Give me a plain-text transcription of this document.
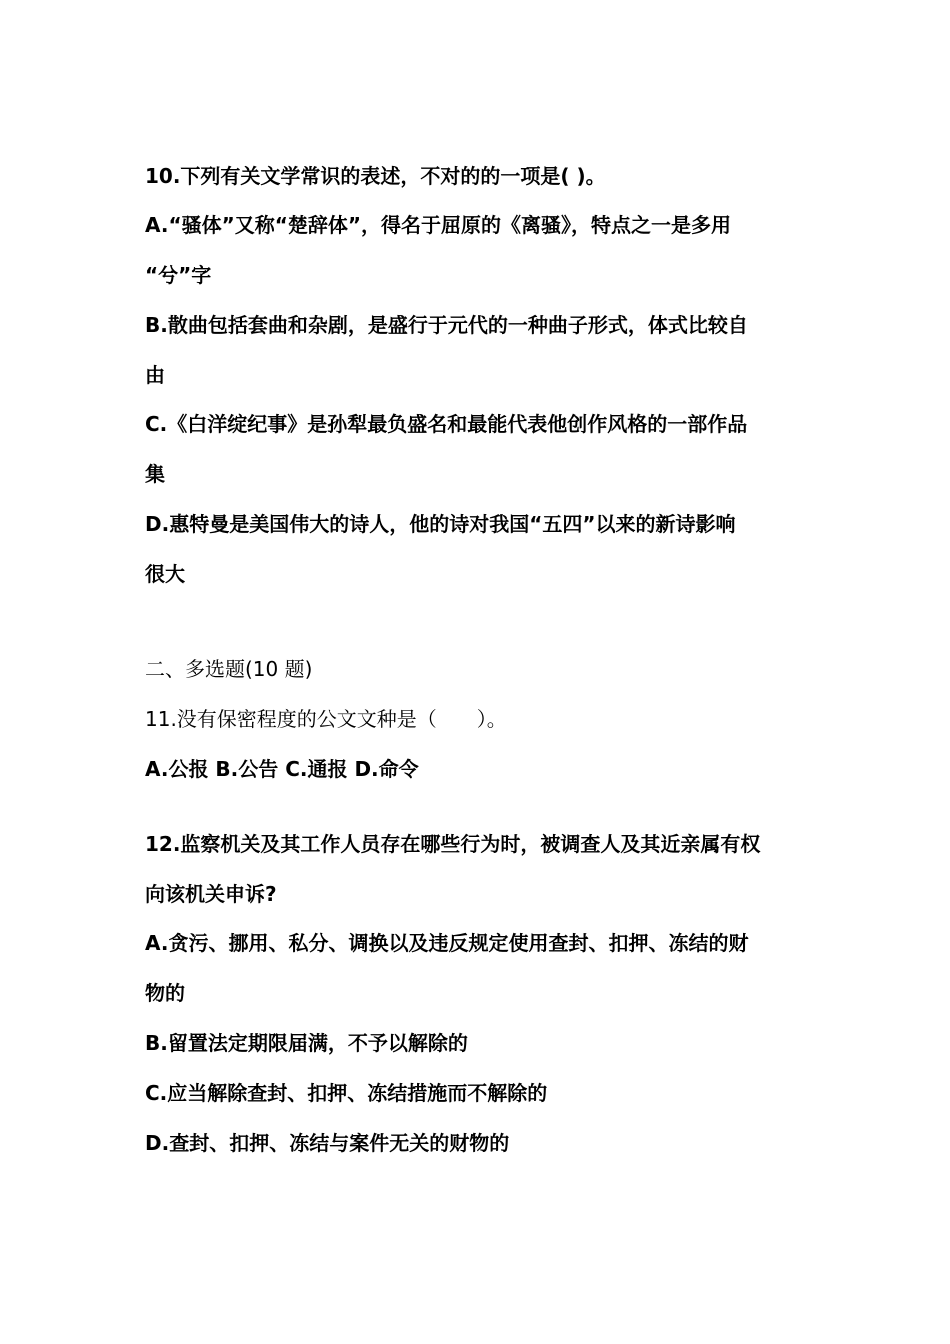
10.下列有关文学常识的表述，不对的的一项是( )。
A.“骚体”又称“楚辞体”，得名于屈原的《离骚》，特点之一是多用
“兮”字
B.散曲包括套曲和杂剧，是盛行于元代的一种曲子形式，体式比较自
由
C.《白洋绽纪事》是孙犁最负盛名和最能代表他创作风格的一部作品
集
D.惠特曼是美国伟大的诗人，他的诗对我国“五四”以来的新诗影响
很大
二、多选题(10 题)
11.没有保密程度的公文文种是（　　）。
A.公报 B.公告 C.通报 D.命令
12.监察机关及其工作人员存在哪些行为时，被调查人及其近亲属有权
向该机关申诉?
A.贪污、挪用、私分、调换以及违反规定使用查封、扣押、冻结的财
物的
B.留置法定期限届满，不予以解除的
C.应当解除查封、扣押、冻结措施而不解除的
D.查封、扣押、冻结与案件无关的财物的
